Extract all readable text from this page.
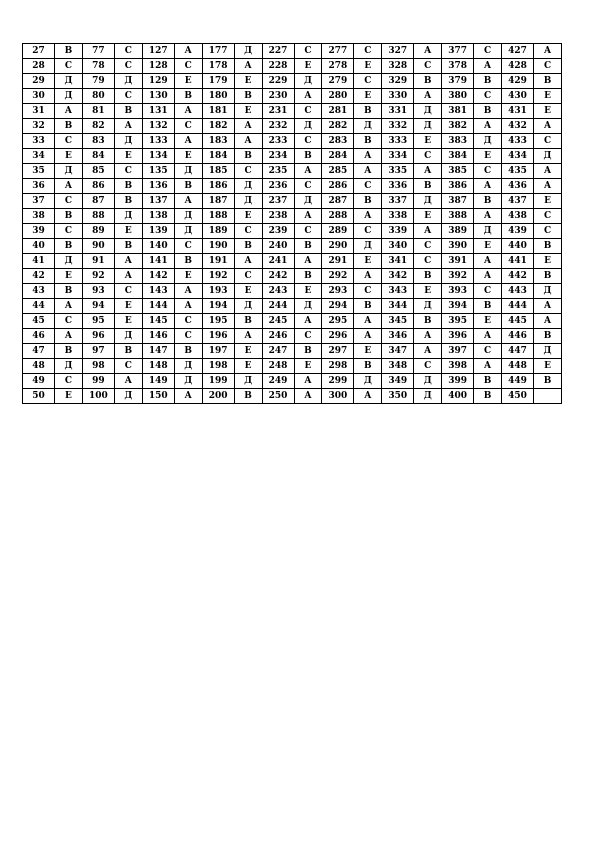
27	В	77	С	127	А	177	Д	227	С	277	С	327	А	377	С	427	А
28	С	78	С	128	С	178	А	228	Е	278	Е	328	С	378	А	428	С
29	Д	79	Д	129	Е	179	Е	229	Д	279	С	329	В	379	В	429	В
30	Д	80	С	130	В	180	В	230	А	280	Е	330	А	380	С	430	Е
31	А	81	В	131	А	181	Е	231	С	281	В	331	Д	381	В	431	Е
32	В	82	А	132	С	182	А	232	Д	282	Д	332	Д	382	А	432	А
33	С	83	Д	133	А	183	А	233	С	283	В	333	Е	383	Д	433	С
34	Е	84	Е	134	Е	184	В	234	В	284	А	334	С	384	Е	434	Д
35	Д	85	С	135	Д	185	С	235	А	285	А	335	А	385	С	435	А
36	А	86	В	136	В	186	Д	236	С	286	С	336	В	386	А	436	А
37	С	87	В	137	А	187	Д	237	Д	287	В	337	Д	387	В	437	Е
38	В	88	Д	138	Д	188	Е	238	А	288	А	338	Е	388	А	438	С
39	С	89	Е	139	Д	189	С	239	С	289	С	339	А	389	Д	439	С
40	В	90	В	140	С	190	В	240	В	290	Д	340	С	390	Е	440	В
41	Д	91	А	141	В	191	А	241	А	291	Е	341	С	391	А	441	Е
42	Е	92	А	142	Е	192	С	242	В	292	А	342	В	392	А	442	В
43	В	93	С	143	А	193	Е	243	Е	293	С	343	Е	393	С	443	Д
44	А	94	Е	144	А	194	Д	244	Д	294	В	344	Д	394	В	444	А
45	С	95	Е	145	С	195	В	245	А	295	А	345	В	395	Е	445	А
46	А	96	Д	146	С	196	А	246	С	296	А	346	А	396	А	446	В
47	В	97	В	147	В	197	Е	247	В	297	Е	347	А	397	С	447	Д
48	Д	98	С	148	Д	198	Е	248	Е	298	В	348	С	398	А	448	Е
49	С	99	А	149	Д	199	Д	249	А	299	Д	349	Д	399	В	449	В
50	Е	100	Д	150	А	200	В	250	А	300	А	350	Д	400	В	450	
